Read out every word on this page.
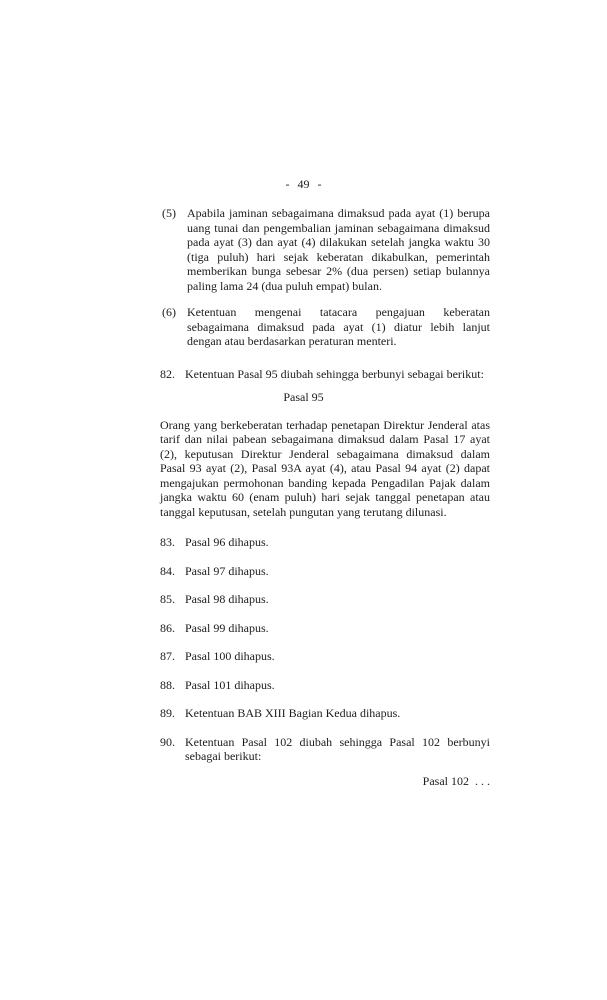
- 49 -
(5) Apabila jaminan sebagaimana dimaksud pada ayat (1) berupa uang tunai dan pengembalian jaminan sebagaimana dimaksud pada ayat (3) dan ayat (4) dilakukan setelah jangka waktu 30 (tiga puluh) hari sejak keberatan dikabulkan, pemerintah memberikan bunga sebesar 2% (dua persen) setiap bulannya paling lama 24 (dua puluh empat) bulan.
(6) Ketentuan mengenai tatacara pengajuan keberatan sebagaimana dimaksud pada ayat (1) diatur lebih lanjut dengan atau berdasarkan peraturan menteri.
82. Ketentuan Pasal 95 diubah sehingga berbunyi sebagai berikut:
Pasal 95
Orang yang berkeberatan terhadap penetapan Direktur Jenderal atas tarif dan nilai pabean sebagaimana dimaksud dalam Pasal 17 ayat (2), keputusan Direktur Jenderal sebagaimana dimaksud dalam Pasal 93 ayat (2), Pasal 93A ayat (4), atau Pasal 94 ayat (2) dapat mengajukan permohonan banding kepada Pengadilan Pajak dalam jangka waktu 60 (enam puluh) hari sejak tanggal penetapan atau tanggal keputusan, setelah pungutan yang terutang dilunasi.
83. Pasal 96 dihapus.
84. Pasal 97 dihapus.
85. Pasal 98 dihapus.
86. Pasal 99 dihapus.
87. Pasal 100 dihapus.
88. Pasal 101 dihapus.
89. Ketentuan BAB XIII Bagian Kedua dihapus.
90. Ketentuan Pasal 102 diubah sehingga Pasal 102 berbunyi sebagai berikut:
Pasal 102  . . .
